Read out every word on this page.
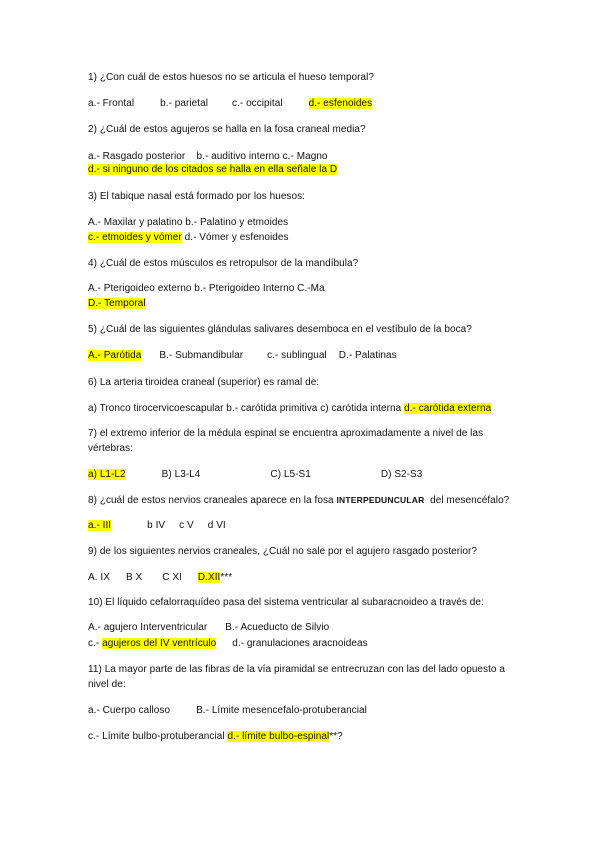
1) ¿Con cuál de estos huesos no se articula el hueso temporal?
a.- Frontal	b.- parietal c.- occipital	d.- esfenoides
2) ¿Cuál de estos agujeros se halla en la fosa craneal media?
a.- Rasgado posterior    b.- auditivo interno c.- Magno
d.- si ninguno de los citados se halla en ella señale la D
3) El tabique nasal está formado por los huesos:
A.- Maxilar y palatino b.- Palatino y etmoides
c.- etmoides y vómer d.- Vómer y esfenoides
4) ¿Cuál de estos músculos es retropulsor de la mandíbula?
A.- Pterigoideo externo b.- Pterigoideo Interno C.-Ma
D.- Temporal
5) ¿Cuál de las siguientes glándulas salivares desemboca en el vestíbulo de la boca?
A.- Parótida B.- Submandibular c.- sublingual D.- Palatinas
6) La arteria tiroidea craneal (superior) es ramal de:
a) Tronco tirocervicoescapular b.- carótida primitiva c) carótida interna d.- carótida externa
7) el extremo inferior de la médula espinal se encuentra aproximadamente a nivel de las
vértebras:
a) L1-L2	B) L3-L4	C) L5-S1	D) S2-S3
8) ¿cuál de estos nervios craneales aparece en la fosa INTERPEDUNCULAR  del mesencéfalo?
a.- III	b IV c V d VI
9) de los siguientes nervios craneales, ¿Cuál no sale por el agujero rasgado posterior?
A. IX B X C XI D.XII***
10) El líquido cefalorraquídeo pasa del sistema ventricular al subaracnoideo a través de:
A.- agujero Interventricular B.- Acueducto de Silvio
c.- agujeros del IV ventrículo d.- granulaciones aracnoideas
11) La mayor parte de las fibras de la vía piramidal se entrecruzan con las del lado opuesto a
nivel de:
a.- Cuerpo calloso	B.- Límite mesencefalo-protuberancial
c.- Límite bulbo-protuberancial d.- límite bulbo-espinal**?
